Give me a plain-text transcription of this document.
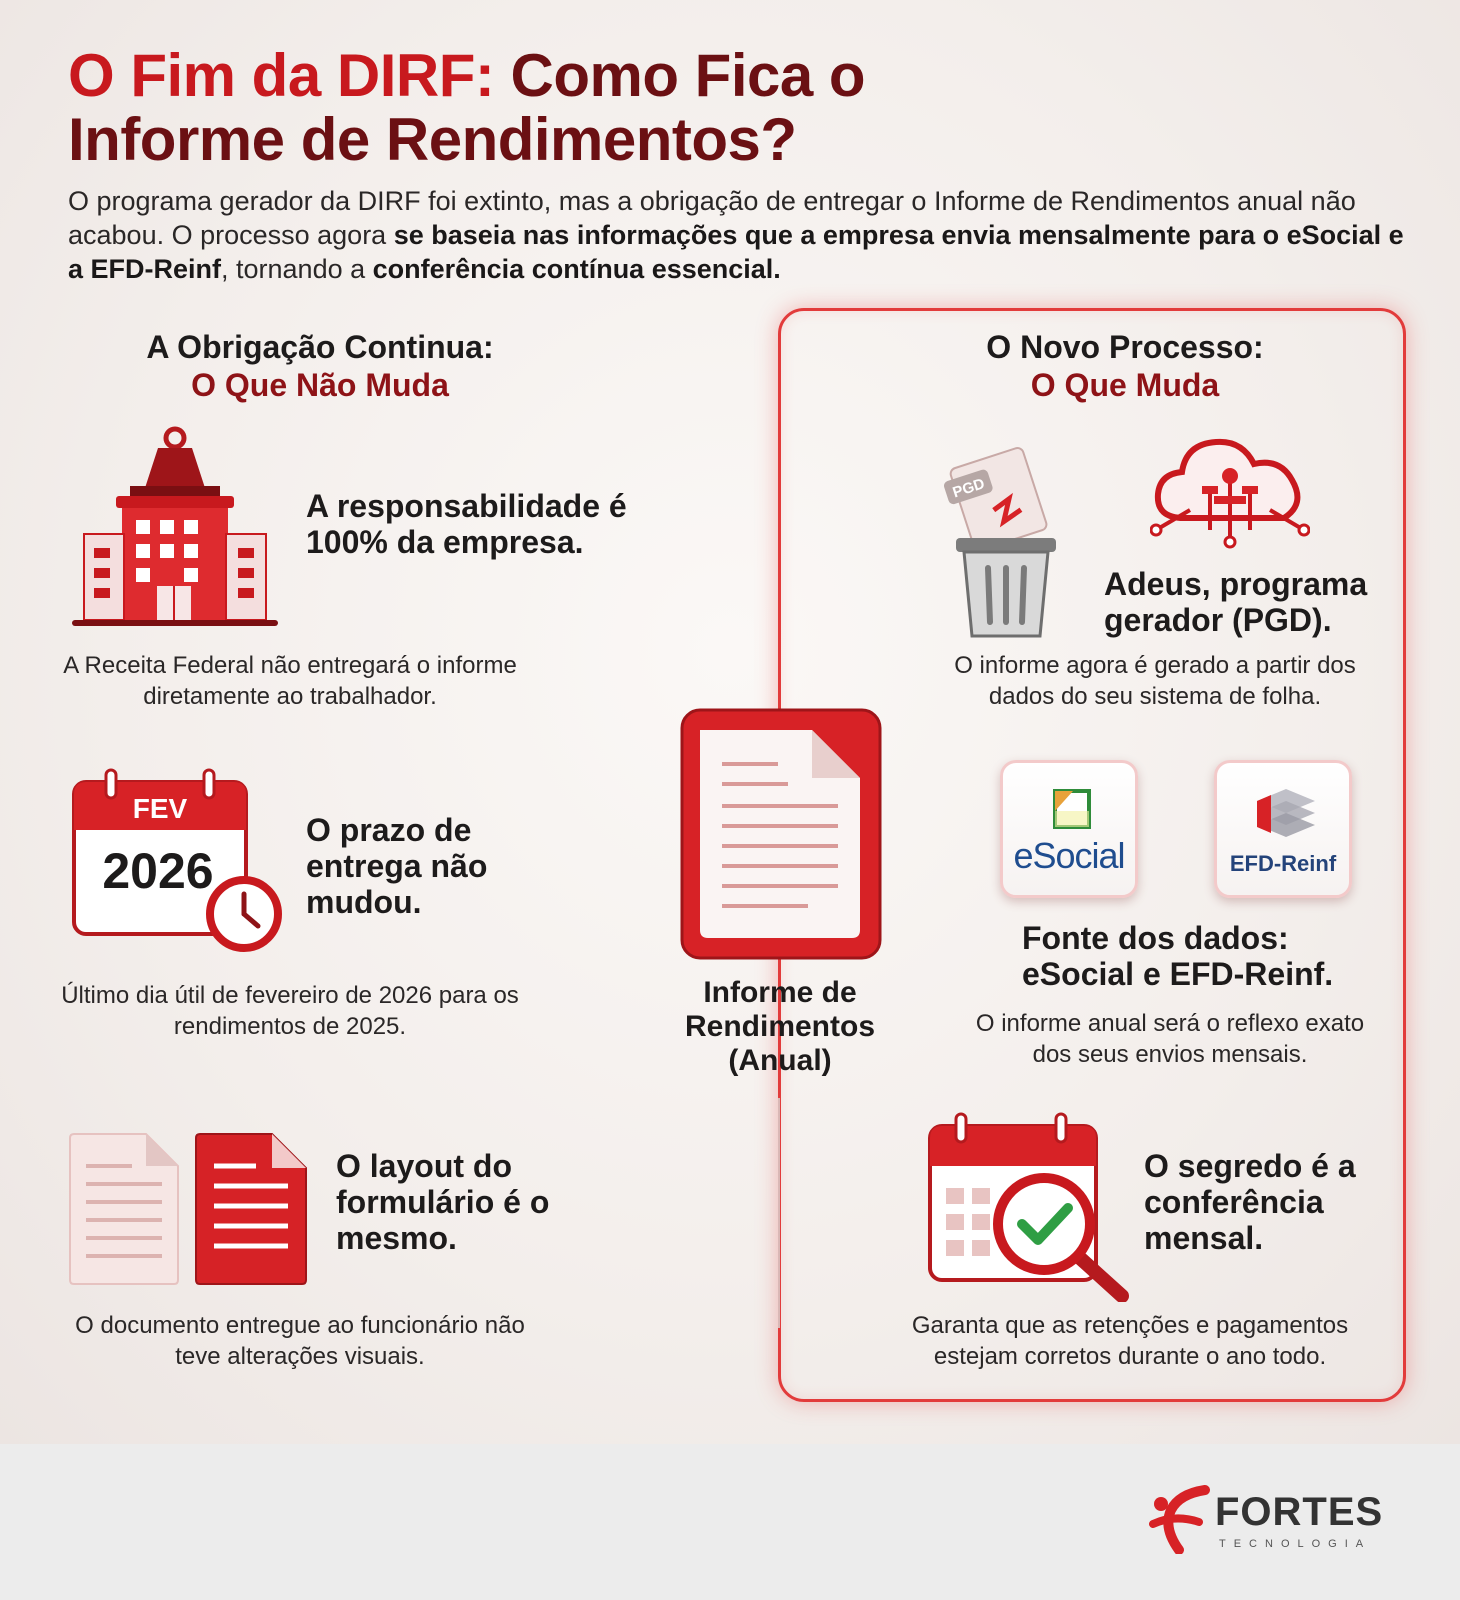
O Fim da DIRF: Como Fica o
Informe de Rendimentos?

O programa gerador da DIRF foi extinto, mas a obrigação de entregar o Informe de Rendimentos anual não acabou. O processo agora se baseia nas informações que a empresa envia mensalmente para o eSocial e a EFD-Reinf, tornando a conferência contínua essencial.

A Obrigação Continua:
O Que Não Muda
O Novo Processo:
O Que Muda
A responsabilidade é 100% da empresa.
A Receita Federal não entregará o informe diretamente ao trabalhador.
FEV
2026
O prazo de entrega não mudou.
Último dia útil de fevereiro de 2026 para os rendimentos de 2025.
O layout do formulário é o mesmo.
O documento entregue ao funcionário não teve alterações visuais.
Informe de Rendimentos (Anual)
PGD
Adeus, programa gerador (PGD).
O informe agora é gerado a partir dos dados do seu sistema de folha.
eSocial	EFD-Reinf
Fonte dos dados: eSocial e EFD-Reinf.
O informe anual será o reflexo exato dos seus envios mensais.
O segredo é a conferência mensal.
Garanta que as retenções e pagamentos estejam corretos durante o ano todo.
FORTES
TECNOLOGIA
